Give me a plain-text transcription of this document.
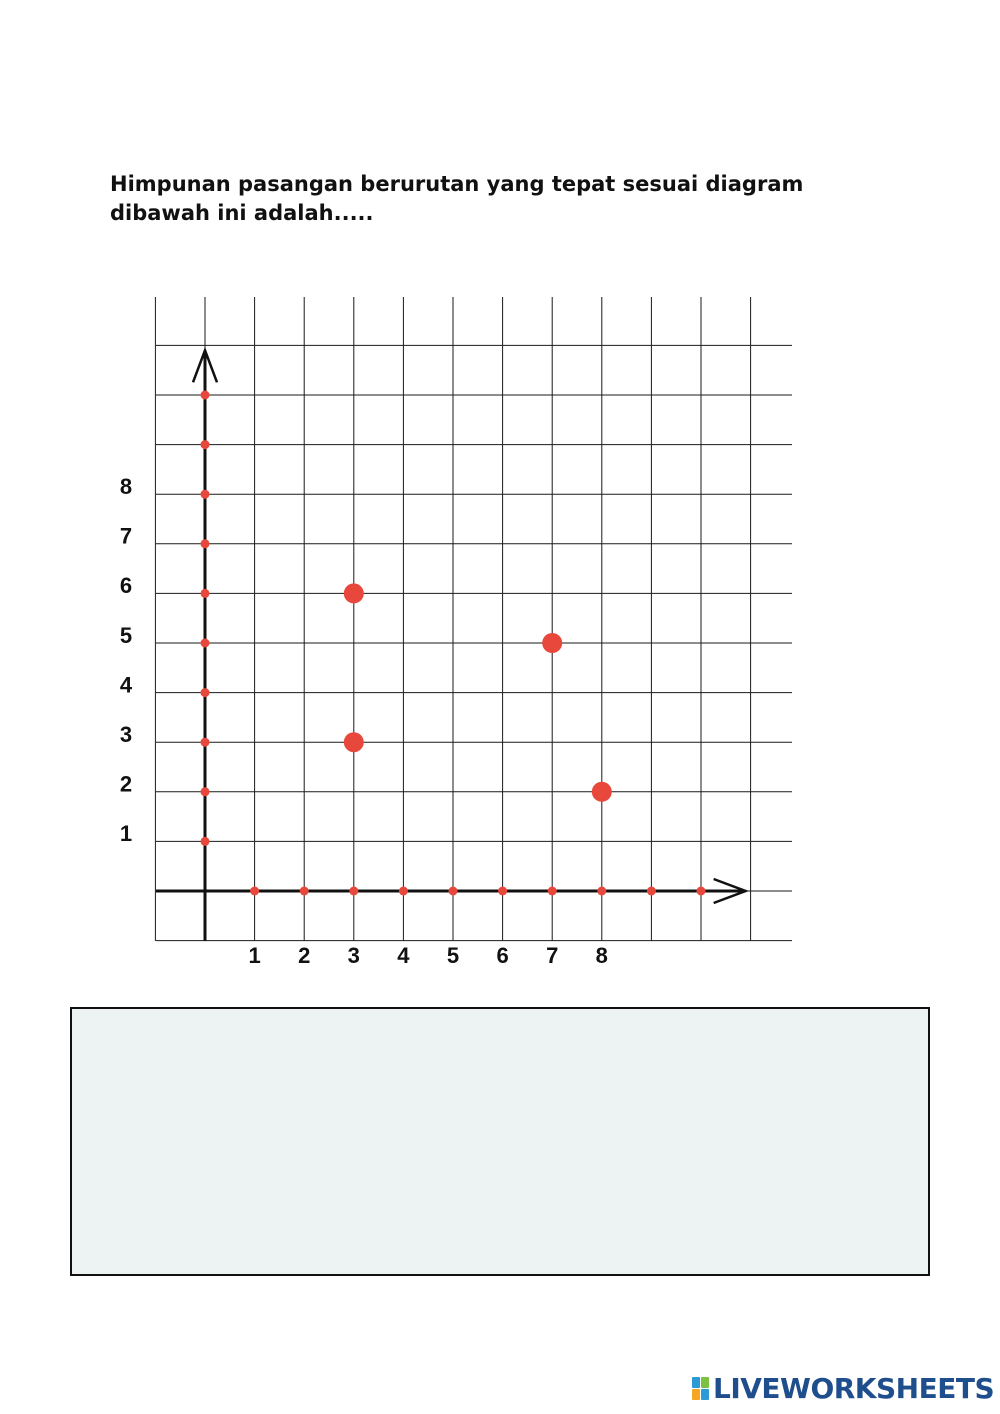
Himpunan pasangan berurutan yang tepat sesuai diagram dibawah ini adalah.....

1 2 3 4 5 6 7 8
1
2
3
4
5
6
7
8
LIVEWORKSHEETS
